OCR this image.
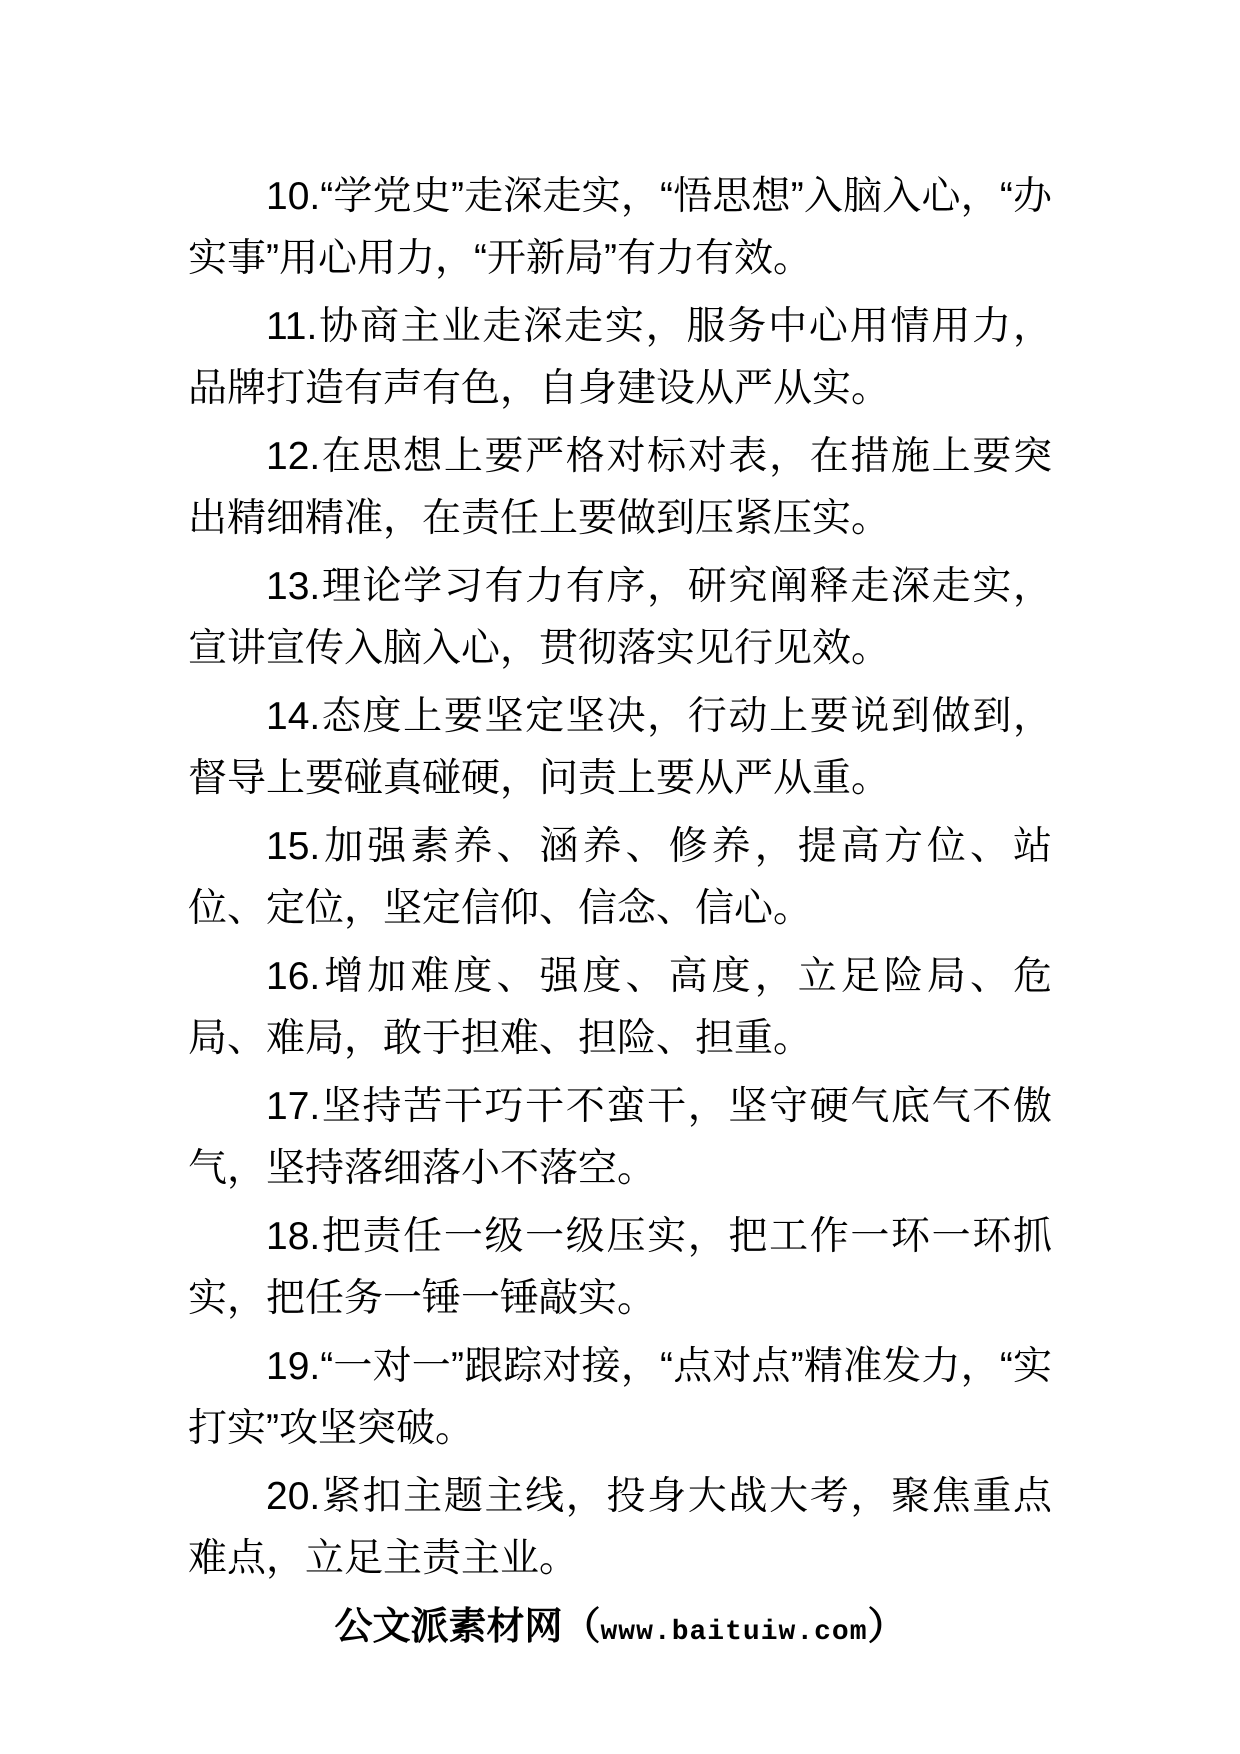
10.“学党史”走深走实，“悟思想”入脑入心，“办实事”用心用力，“开新局”有力有效。

11.协商主业走深走实，服务中心用情用力，品牌打造有声有色，自身建设从严从实。

12.在思想上要严格对标对表，在措施上要突出精细精准，在责任上要做到压紧压实。

13.理论学习有力有序，研究阐释走深走实，宣讲宣传入脑入心，贯彻落实见行见效。

14.态度上要坚定坚决，行动上要说到做到，督导上要碰真碰硬，问责上要从严从重。

15.加强素养、涵养、修养，提高方位、站位、定位，坚定信仰、信念、信心。

16.增加难度、强度、高度，立足险局、危局、难局，敢于担难、担险、担重。

17.坚持苦干巧干不蛮干，坚守硬气底气不傲气，坚持落细落小不落空。

18.把责任一级一级压实，把工作一环一环抓实，把任务一锤一锤敲实。

19.“一对一”跟踪对接，“点对点”精准发力，“实打实”攻坚突破。

20.紧扣主题主线，投身大战大考，聚焦重点难点，立足主责主业。

公文派素材网（www.baituiw.com）
